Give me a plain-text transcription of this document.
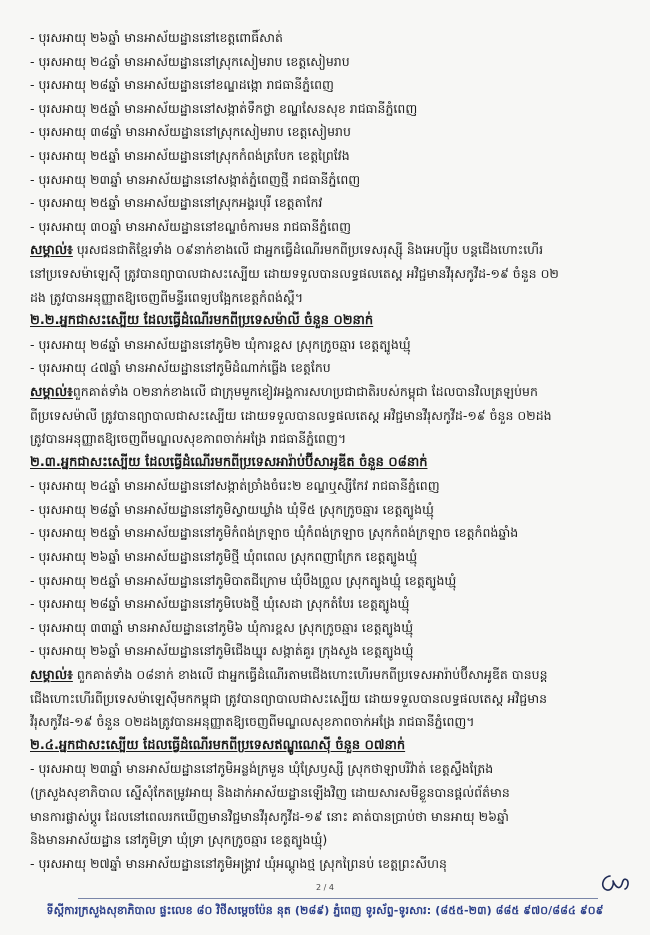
- បុរសអាយុ ២៦ឆ្នាំ មានអាស័យដ្ឋាននៅខេត្តពោធិ៍សាត់
- បុរសអាយុ ២៤ឆ្នាំ មានអាស័យដ្ឋាននៅស្រុកសៀមរាប ខេត្តសៀមរាប
- បុរសអាយុ ២៨ឆ្នាំ មានអាស័យដ្ឋាននៅខណ្ឌដង្កោ រាជធានីភ្នំពេញ
- បុរសអាយុ ២៥ឆ្នាំ មានអាស័យដ្ឋាននៅសង្កាត់ទឹកថ្លា ខណ្ឌសែនសុខ រាជធានីភ្នំពេញ
- បុរសអាយុ ៣៨ឆ្នាំ មានអាស័យដ្ឋាននៅស្រុកសៀមរាប ខេត្តសៀមរាប
- បុរសអាយុ ២៥ឆ្នាំ មានអាស័យដ្ឋាននៅស្រុកកំពង់ត្របែក ខេត្តព្រៃវែង
- បុរសអាយុ ២៣ឆ្នាំ មានអាស័យដ្ឋាននៅសង្កាត់ភ្នំពេញថ្មី រាជធានីភ្នំពេញ
- បុរសអាយុ ២៥ឆ្នាំ មានអាស័យដ្ឋាននៅស្រុកអង្គរបុរី ខេត្តតាកែវ
- បុរសអាយុ ៣០ឆ្នាំ មានអាស័យដ្ឋាននៅខណ្ឌចំការមន រាជធានីភ្នំពេញ
សម្គាល់៖ បុរសជនជាតិខ្មែរទាំង ០៩នាក់ខាងលើ ជាអ្នកធ្វើដំណើរមកពីប្រទេសរុស្ស៊ី និងអេហ្ស៊ីប បន្តជើងហោះហើរ
នៅប្រទេសម៉ាឡេស៊ី ត្រូវបានព្យាបាលជាសះស្បើយ ដោយទទួលបានលទ្ធផលតេស្ត អវិជ្ជមានវីរុសកូវីដ-១៩ ចំនួន ០២
ដង ត្រូវបានអនុញ្ញាតឱ្យចេញពីមន្ទីរពេទ្យបង្អែកខេត្តកំពង់ស្ពឺ។
២.២.អ្នកជាសះស្បើយ ដែលធ្វើដំណើរមកពីប្រទេសម៉ាលី ចំនួន ០២នាក់
- បុរសអាយុ ២៨ឆ្នាំ មានអាស័យដ្ឋាននៅភូមិ២ ឃុំការខ្ពស ស្រុកក្រូចឆ្មារ ខេត្តត្បូងឃ្មុំ
- បុរសអាយុ ៤៧ឆ្នាំ មានអាស័យដ្ឋាននៅភូមិដំណាក់ធ្លើង ខេត្តកែប
សម្គាល់៖ពួកគាត់ទាំង ០២នាក់ខាងលើ ជាក្រុមមួកខៀវអង្គការសហប្រជាជាតិរបស់កម្ពុជា ដែលបានវិលត្រឡប់មក
ពីប្រទេសម៉ាលី ត្រូវបានព្យាបាលជាសះស្បើយ ដោយទទួលបានលទ្ធផលតេស្ត អវិជ្ជមានវីរុសកូវីដ-១៩ ចំនួន ០២ដង
ត្រូវបានអនុញ្ញាតឱ្យចេញពីមណ្ឌលសុខភាពចាក់អង្រែ រាជធានីភ្នំពេញ។
២.៣.អ្នកជាសះស្បើយ ដែលធ្វើដំណើរមកពីប្រទេសអារ៉ាប់ប៊ីសាអូឌីត ចំនួន ០៨នាក់
- បុរសអាយុ ២៤ឆ្នាំ មានអាស័យដ្ឋាននៅសង្កាត់ច្រាំងចំរេះ២ ខណ្ឌឬស្សីកែវ រាជធានីភ្នំពេញ
- បុរសអាយុ ២៨ឆ្នាំ មានអាស័យដ្ឋាននៅភូមិស្វាយឃ្លាំង ឃុំទី៥ ស្រុកក្រូចឆ្មារ ខេត្តត្បូងឃ្មុំ
- បុរសអាយុ ២៥ឆ្នាំ មានអាស័យដ្ឋាននៅភូមិកំពង់ក្រឡាច ឃុំកំពង់ក្រឡាច ស្រុកកំពង់ក្រឡាច ខេត្តកំពង់ឆ្នាំង
- បុរសអាយុ ២៦ឆ្នាំ មានអាស័យដ្ឋាននៅភូមិថ្មី ឃុំពពេល ស្រុកពញាក្រែក ខេត្តត្បូងឃ្មុំ
- បុរសអាយុ ២៥ឆ្នាំ មានអាស័យដ្ឋាននៅភូមិបាតជីក្រោម ឃុំបឹងព្រួល ស្រុកត្បូងឃ្មុំ ខេត្តត្បូងឃ្មុំ
- បុរសអាយុ ២៨ឆ្នាំ មានអាស័យដ្ឋាននៅភូមិបេងថ្មី ឃុំសេដា ស្រុកតំបែរ ខេត្តត្បូងឃ្មុំ
- បុរសអាយុ ៣៣ឆ្នាំ មានអាស័យដ្ឋាននៅភូមិ៦ ឃុំការខ្ពស ស្រុកក្រូចឆ្មារ ខេត្តត្បូងឃ្មុំ
- បុរសអាយុ ២៦ឆ្នាំ មានអាស័យដ្ឋាននៅភូមិជើងឃ្នុរ សង្កាត់គួរ ក្រុងសួង ខេត្តត្បូងឃ្មុំ
សម្គាល់៖ ពួកគាត់ទាំង ០៨នាក់ ខាងលើ ជាអ្នកធ្វើដំណើរតាមជើងហោះហើរមកពីប្រទេសអារ៉ាប់ប៊ីសាអូឌីត បានបន្ត
ជើងហោះហើរពីប្រទេសម៉ាឡេស៊ីមកកម្ពុជា ត្រូវបានព្យាបាលជាសះស្បើយ ដោយទទួលបានលទ្ធផលតេស្ត អវិជ្ជមាន
វីរុសកូវីដ-១៩ ចំនួន ០២ដងត្រូវបានអនុញ្ញាតឱ្យចេញពីមណ្ឌលសុខភាពចាក់អង្រែ រាជធានីភ្នំពេញ។
២.៤.អ្នកជាសះស្បើយ ដែលធ្វើដំណើរមកពីប្រទេសឥណ្ឌូណេស៊ី ចំនួន ០៧នាក់
- បុរសអាយុ ២៣ឆ្នាំ មានអាស័យដ្ឋាននៅភូមិអន្លង់ក្រមួន ឃុំស្រែឫស្សី ស្រុកថាឡាបរិវ៉ាត់ ខេត្តស្ទឹងត្រែង
(ក្រសួងសុខាភិបាល ស្នើសុំកែតម្រូវអាយុ និងដាក់អាស័យដ្ឋានឡើងវិញ ដោយសារសមីខ្លួនបានផ្តល់ព័ត៌មាន
មានការផ្លាស់ប្តូរ ដែលនៅពេលរកឃើញមានវិជ្ជមានវីរុសកូវីដ-១៩ នោះ គាត់បានប្រាប់ថា មានអាយុ ២៦ឆ្នាំ
និងមានអាស័យដ្ឋាន នៅភូមិទ្រា ឃុំទ្រា ស្រុកក្រូចឆ្មារ ខេត្តត្បូងឃ្មុំ)
- បុរសអាយុ ២៧ឆ្នាំ មានអាស័យដ្ឋាននៅភូមិអង្គ្រាវ ឃុំអណ្តូងថ្ម ស្រុកព្រៃនប់ ខេត្តព្រះសីហនុ
2 / 4
ទីស្តីការក្រសួងសុខាភិបាល ផ្ទះលេខ ៨០ វិថីសម្តេចប៉ែន នុត (២៨៩) ភ្នំពេញ ទូរស័ព្ទ-ទូរសារ: (៨៥៥-២៣) ៨៨៥ ៩៧០/៨៨៤ ៩០៩
